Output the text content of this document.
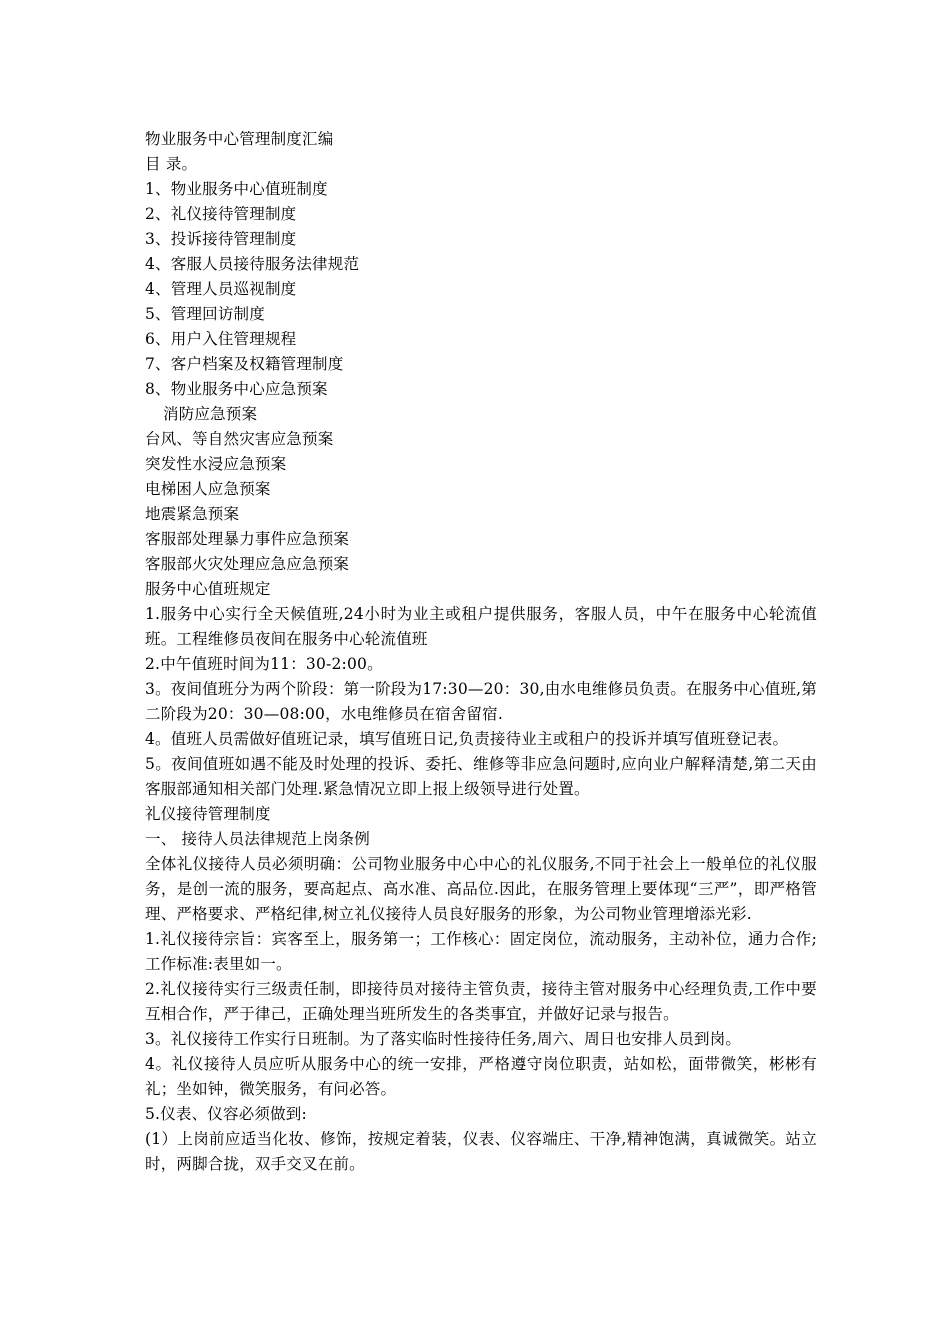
物业服务中心管理制度汇编
目 录。
1、物业服务中心值班制度
2、礼仪接待管理制度
3、投诉接待管理制度
4、客服人员接待服务法律规范
4、管理人员巡视制度
5、管理回访制度
6、用户入住管理规程
7、客户档案及权籍管理制度
8、物业服务中心应急预案
消防应急预案
台风、等自然灾害应急预案
突发性水浸应急预案
电梯困人应急预案
地震紧急预案
客服部处理暴力事件应急预案
客服部火灾处理应急应急预案
服务中心值班规定
1.服务中心实行全天候值班,24小时为业主或租户提供服务，客服人员，中午在服务中心轮流值班。工程维修员夜间在服务中心轮流值班
2.中午值班时间为11：30-2:00。
3。夜间值班分为两个阶段：第一阶段为17:30—20：30,由水电维修员负责。在服务中心值班,第二阶段为20：30—08:00，水电维修员在宿舍留宿.
4。值班人员需做好值班记录，填写值班日记,负责接待业主或租户的投诉并填写值班登记表。
5。夜间值班如遇不能及时处理的投诉、委托、维修等非应急问题时,应向业户解释清楚,第二天由客服部通知相关部门处理.紧急情况立即上报上级领导进行处置。
礼仪接待管理制度
一、 接待人员法律规范上岗条例
全体礼仪接待人员必须明确：公司物业服务中心中心的礼仪服务,不同于社会上一般单位的礼仪服务，是创一流的服务，要高起点、高水准、高品位.因此，在服务管理上要体现“三严”，即严格管理、严格要求、严格纪律,树立礼仪接待人员良好服务的形象，为公司物业管理增添光彩.
1.礼仪接待宗旨：宾客至上，服务第一；工作核心：固定岗位，流动服务，主动补位，通力合作;工作标准:表里如一。
2.礼仪接待实行三级责任制，即接待员对接待主管负责，接待主管对服务中心经理负责,工作中要互相合作，严于律己，正确处理当班所发生的各类事宜，并做好记录与报告。
3。礼仪接待工作实行日班制。为了落实临时性接待任务,周六、周日也安排人员到岗。
4。礼仪接待人员应听从服务中心的统一安排，严格遵守岗位职责，站如松，面带微笑，彬彬有礼；坐如钟，微笑服务，有问必答。
5.仪表、仪容必须做到:
(1）上岗前应适当化妆、修饰，按规定着装，仪表、仪容端庄、干净,精神饱满，真诚微笑。站立时，两脚合拢，双手交叉在前。
